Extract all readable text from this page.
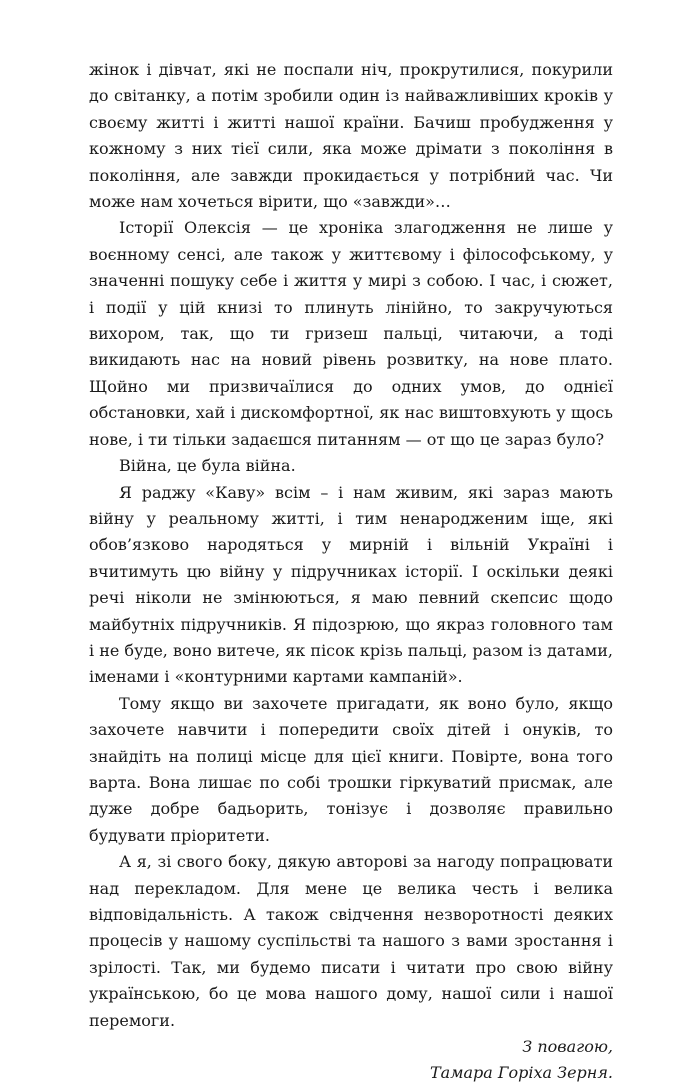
жінок і дівчат, які не поспали ніч, прокрутилися, покурили до світанку, а потім зробили один із найважливіших кроків у своєму житті і житті нашої країни. Бачиш пробудження у кожному з них тієї сили, яка може дрімати з покоління в покоління, але завжди прокидається у потрібний час. Чи може нам хочеться вірити, що «завжди»…

Історії Олексія — це хроніка злагодження не лише у воєнному сенсі, але також у життєвому і філософському, у значенні пошуку себе і життя у мирі з собою. І час, і сюжет, і події у цій книзі то плинуть лінійно, то закручуються вихором, так, що ти гризеш пальці, читаючи, а тоді викидають нас на новий рівень розвитку, на нове плато. Щойно ми призвичаїлися до одних умов, до однієї обстановки, хай і дискомфортної, як нас виштовхують у щось нове, і ти тільки задаєшся питанням — от що це зараз було?

Війна, це була війна.

Я раджу «Каву» всім – і нам живим, які зараз мають війну у реальному житті, і тим ненародженим іще, які обов’язково народяться у мирній і вільній Україні і вчитимуть цю війну у підручниках історії. І оскільки деякі речі ніколи не змінюються, я маю певний скепсис щодо майбутніх підручників. Я підозрюю, що якраз головного там і не буде, воно витече, як пісок крізь пальці, разом із датами, іменами і «контурними картами кампаній».

Тому якщо ви захочете пригадати, як воно було, якщо захочете навчити і попередити своїх дітей і онуків, то знайдіть на полиці місце для цієї книги. Повірте, вона того варта. Вона лишає по собі трошки гіркуватий присмак, але дуже добре бадьорить, тонізує і дозволяє правильно будувати пріоритети.

А я, зі свого боку, дякую авторові за нагоду попрацювати над перекладом. Для мене це велика честь і велика відповідальність. А також свідчення незворотності деяких процесів у нашому суспільстві та нашого з вами зростання і зрілості. Так, ми будемо писати і читати про свою війну українською, бо це мова нашого дому, нашої сили і нашої перемоги.

З повагою,
Тамара Горіха Зерня.
